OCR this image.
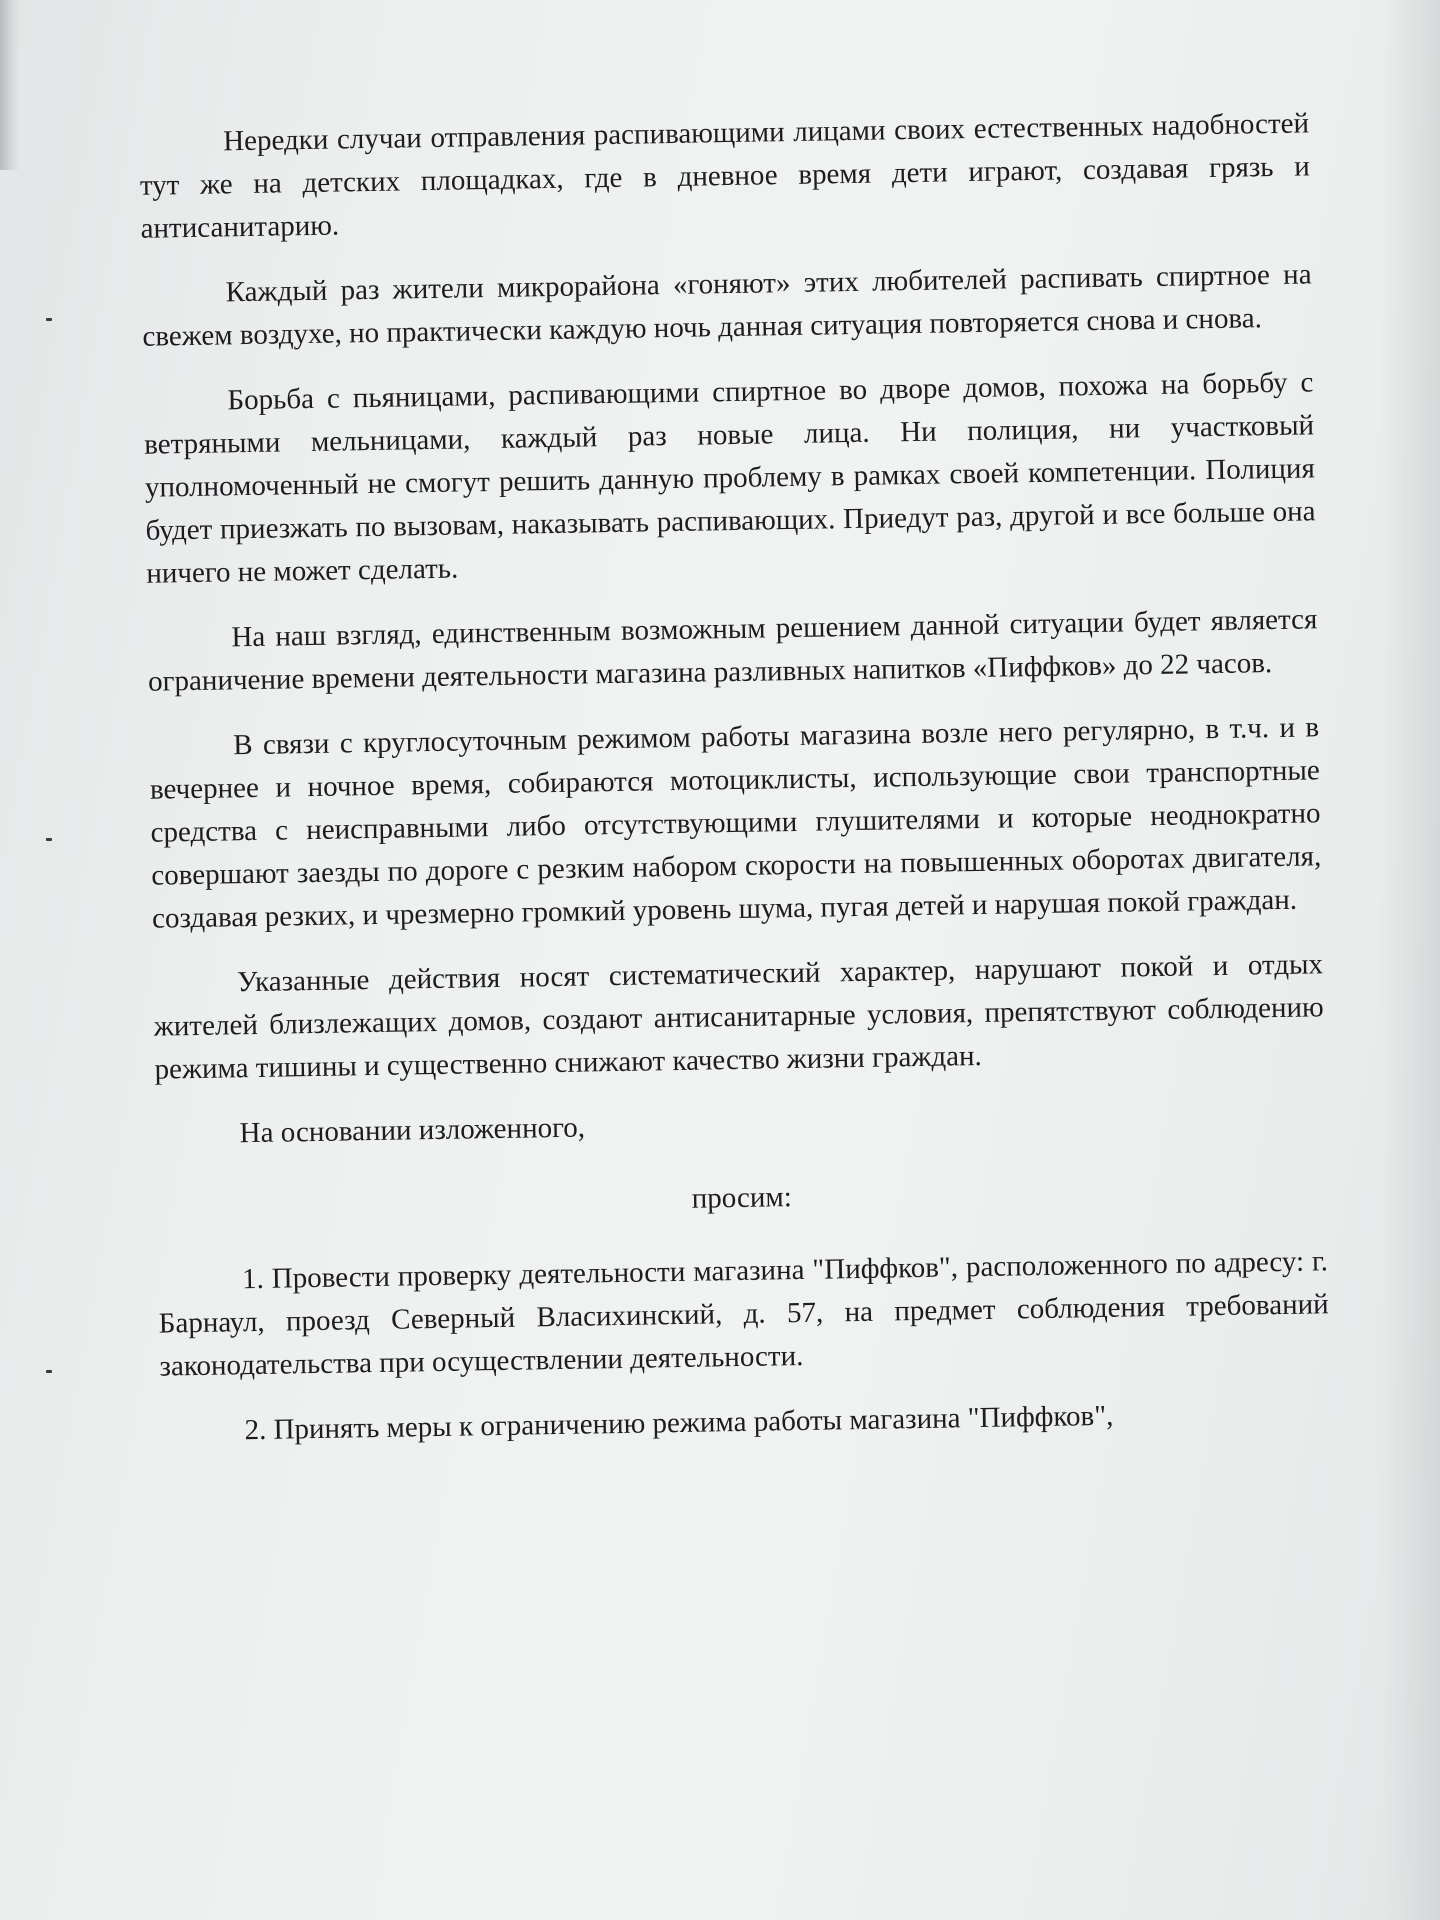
Нередки случаи отправления распивающими лицами своих естественных надобностей тут же на детских площадках, где в дневное время дети играют, создавая грязь и антисанитарию.

Каждый раз жители микрорайона «гоняют» этих любителей распивать спиртное на свежем воздухе, но практически каждую ночь данная ситуация повторяется снова и снова.

Борьба с пьяницами, распивающими спиртное во дворе домов, похожа на борьбу с ветряными мельницами, каждый раз новые лица. Ни полиция, ни участковый уполномоченный не смогут решить данную проблему в рамках своей компетенции. Полиция будет приезжать по вызовам, наказывать распивающих. Приедут раз, другой и все больше она ничего не может сделать.

На наш взгляд, единственным возможным решением данной ситуации будет является ограничение времени деятельности магазина разливных напитков «Пиффков» до 22 часов.

В связи с круглосуточным режимом работы магазина возле него регулярно, в т.ч. и в вечернее и ночное время, собираются мотоциклисты, использующие свои транспортные средства с неисправными либо отсутствующими глушителями и которые неоднократно совершают заезды по дороге с резким набором скорости на повышенных оборотах двигателя, создавая резких, и чрезмерно громкий уровень шума, пугая детей и нарушая покой граждан.

Указанные действия носят систематический характер, нарушают покой и отдых жителей близлежащих домов, создают антисанитарные условия, препятствуют соблюдению режима тишины и существенно снижают качество жизни граждан.

На основании изложенного,

просим:

1. Провести проверку деятельности магазина "Пиффков", расположенного по адресу: г. Барнаул, проезд Северный Власихинский, д. 57, на предмет соблюдения требований законодательства при осуществлении деятельности.

2. Принять меры к ограничению режима работы магазина "Пиффков",
